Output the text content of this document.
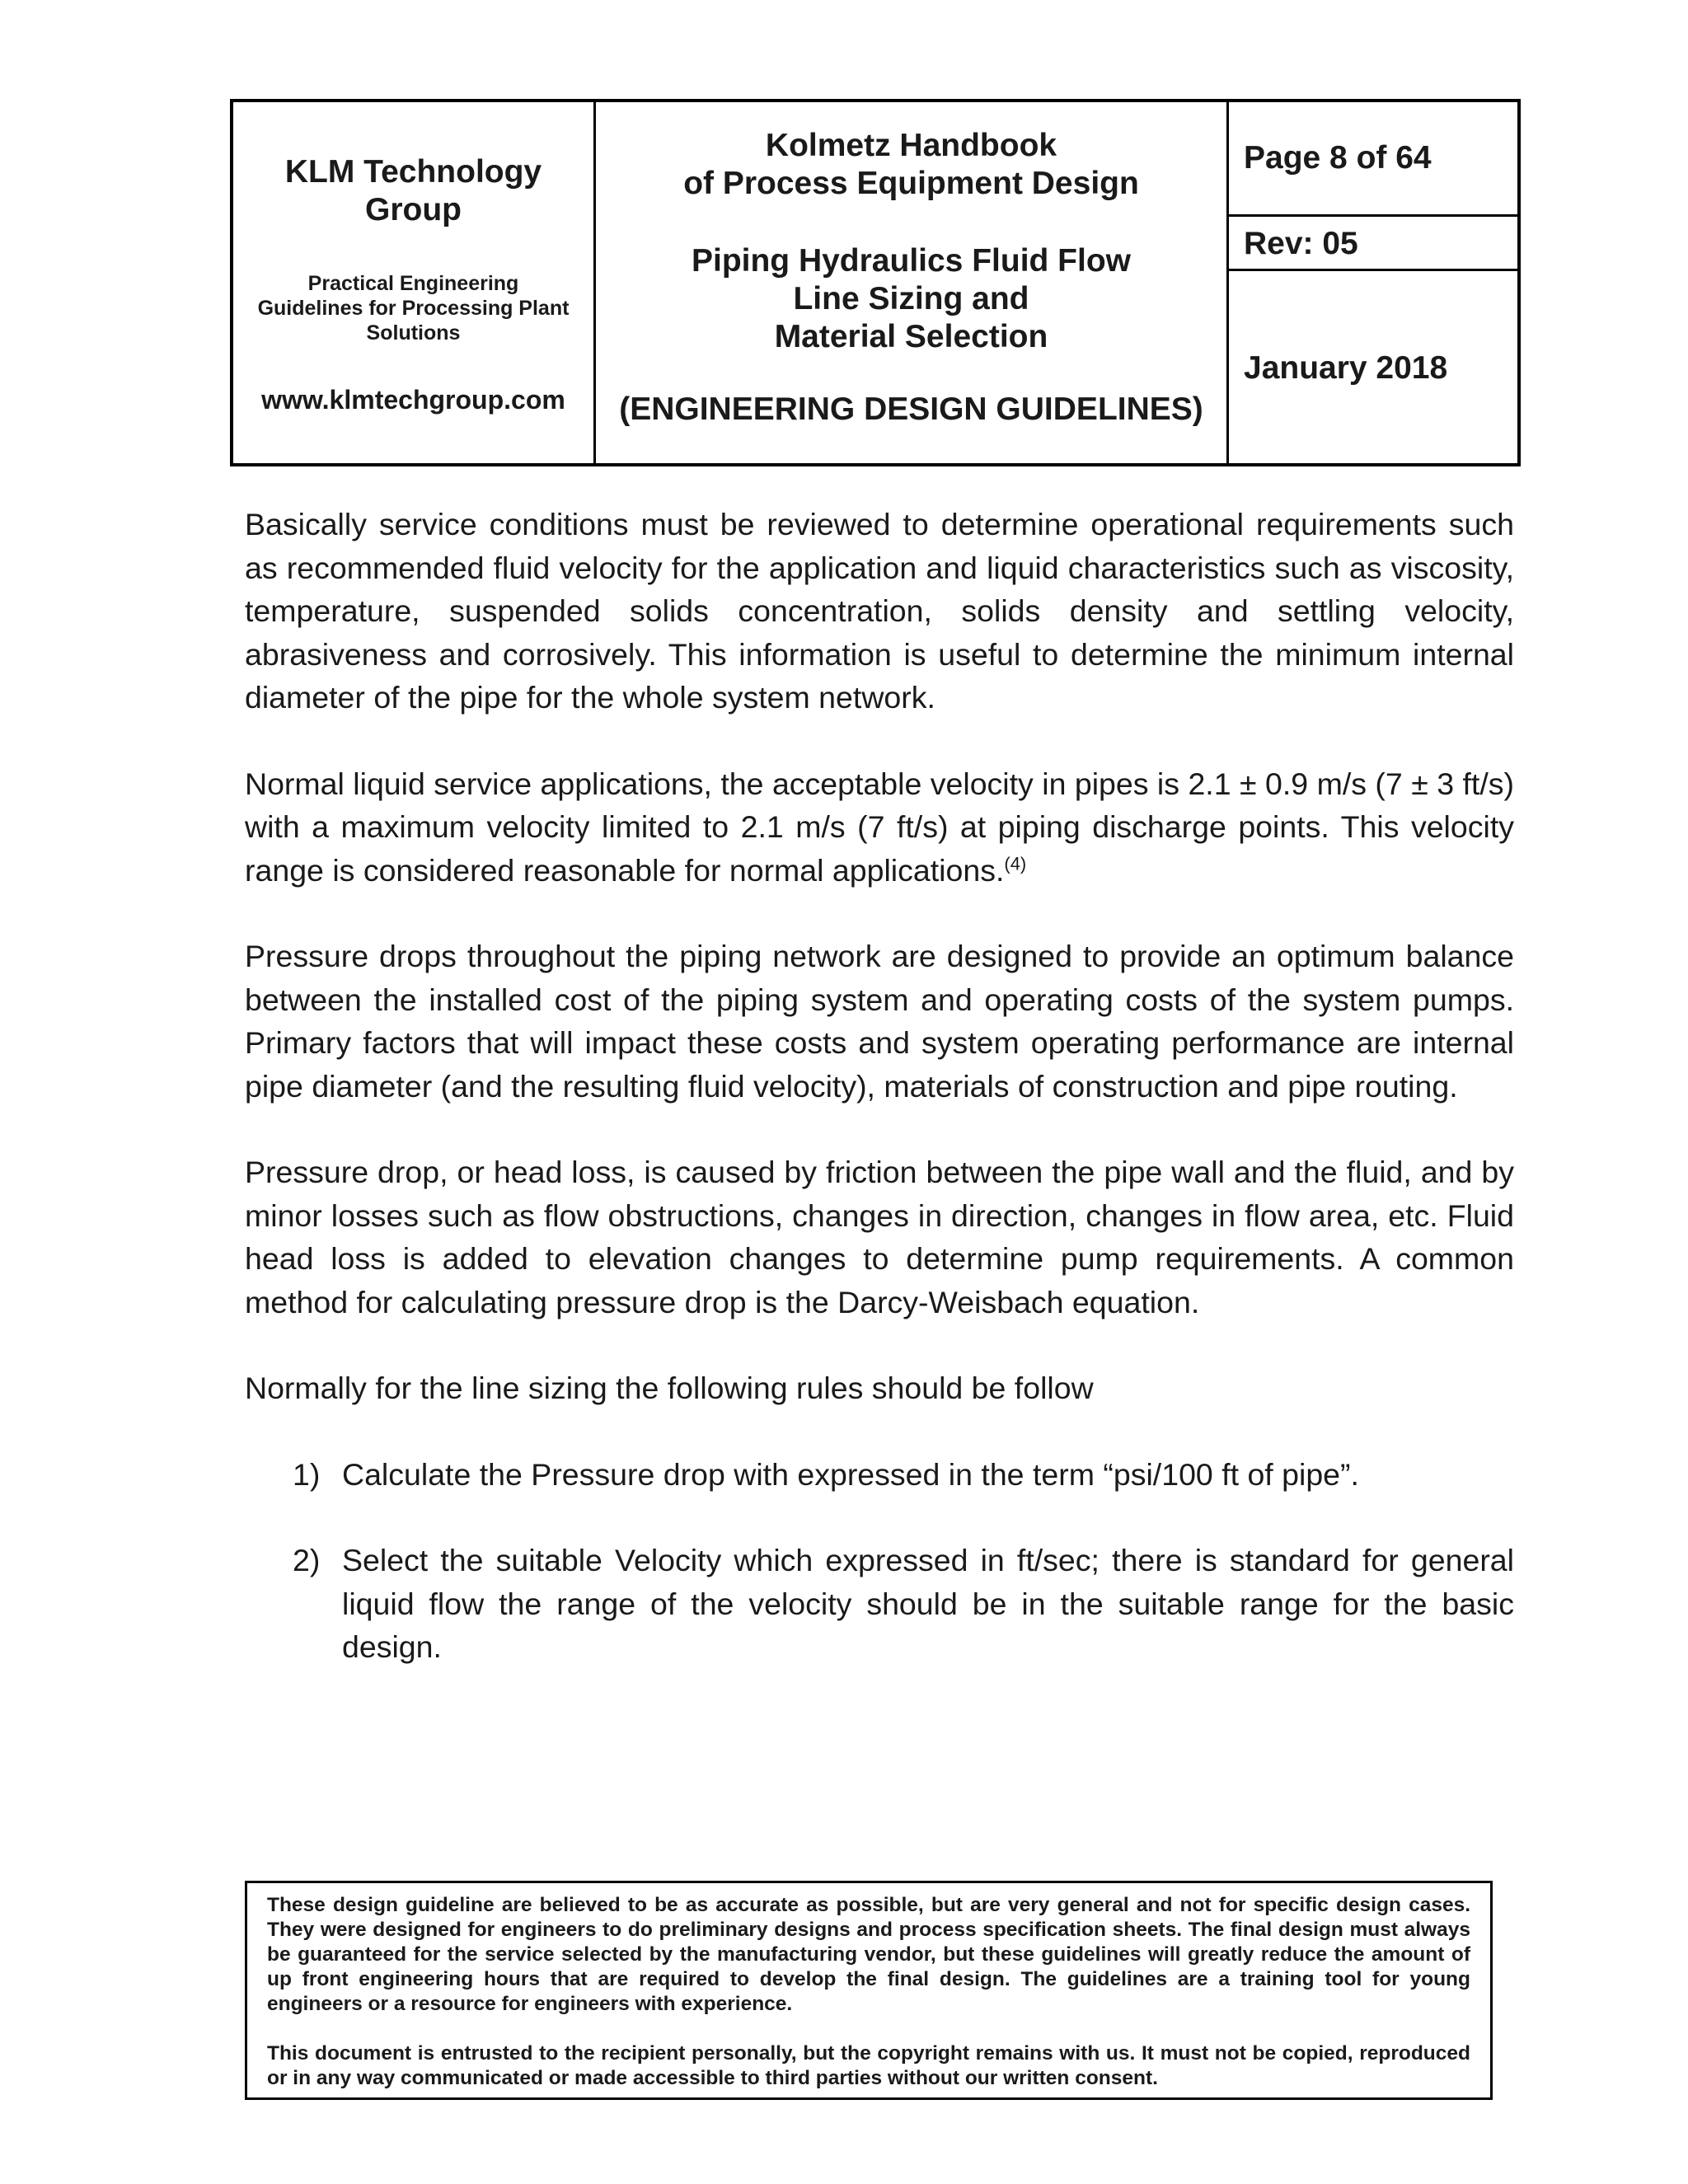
KLM Technology
Group
Practical Engineering
Guidelines for Processing Plant
Solutions
www.klmtechgroup.com
Kolmetz Handbook
of Process Equipment Design
Piping Hydraulics Fluid Flow
Line Sizing and
Material Selection
(ENGINEERING DESIGN GUIDELINES)
Page 8 of 64
Rev: 05
January 2018

Basically service conditions must be reviewed to determine operational requirements such as recommended fluid velocity for the application and liquid characteristics such as viscosity, temperature, suspended solids concentration, solids density and settling velocity, abrasiveness and corrosively. This information is useful to determine the minimum internal diameter of the pipe for the whole system network.

Normal liquid service applications, the acceptable velocity in pipes is 2.1 ± 0.9 m/s (7 ± 3 ft/s) with a maximum velocity limited to 2.1 m/s (7 ft/s) at piping discharge points. This velocity range is considered reasonable for normal applications.$^{(4)}$

Pressure drops throughout the piping network are designed to provide an optimum balance between the installed cost of the piping system and operating costs of the system pumps. Primary factors that will impact these costs and system operating performance are internal pipe diameter (and the resulting fluid velocity), materials of construction and pipe routing.

Pressure drop, or head loss, is caused by friction between the pipe wall and the fluid, and by minor losses such as flow obstructions, changes in direction, changes in flow area, etc. Fluid head loss is added to elevation changes to determine pump requirements. A common method for calculating pressure drop is the Darcy-Weisbach equation.

Normally for the line sizing the following rules should be follow

1) Calculate the Pressure drop with expressed in the term “psi/100 ft of pipe”.
2) Select the suitable Velocity which expressed in ft/sec; there is standard for general liquid flow the range of the velocity should be in the suitable range for the basic design.

These design guideline are believed to be as accurate as possible, but are very general and not for specific design cases. They were designed for engineers to do preliminary designs and process specification sheets. The final design must always be guaranteed for the service selected by the manufacturing vendor, but these guidelines will greatly reduce the amount of up front engineering hours that are required to develop the final design. The guidelines are a training tool for young engineers or a resource for engineers with experience.

This document is entrusted to the recipient personally, but the copyright remains with us. It must not be copied, reproduced or in any way communicated or made accessible to third parties without our written consent.
